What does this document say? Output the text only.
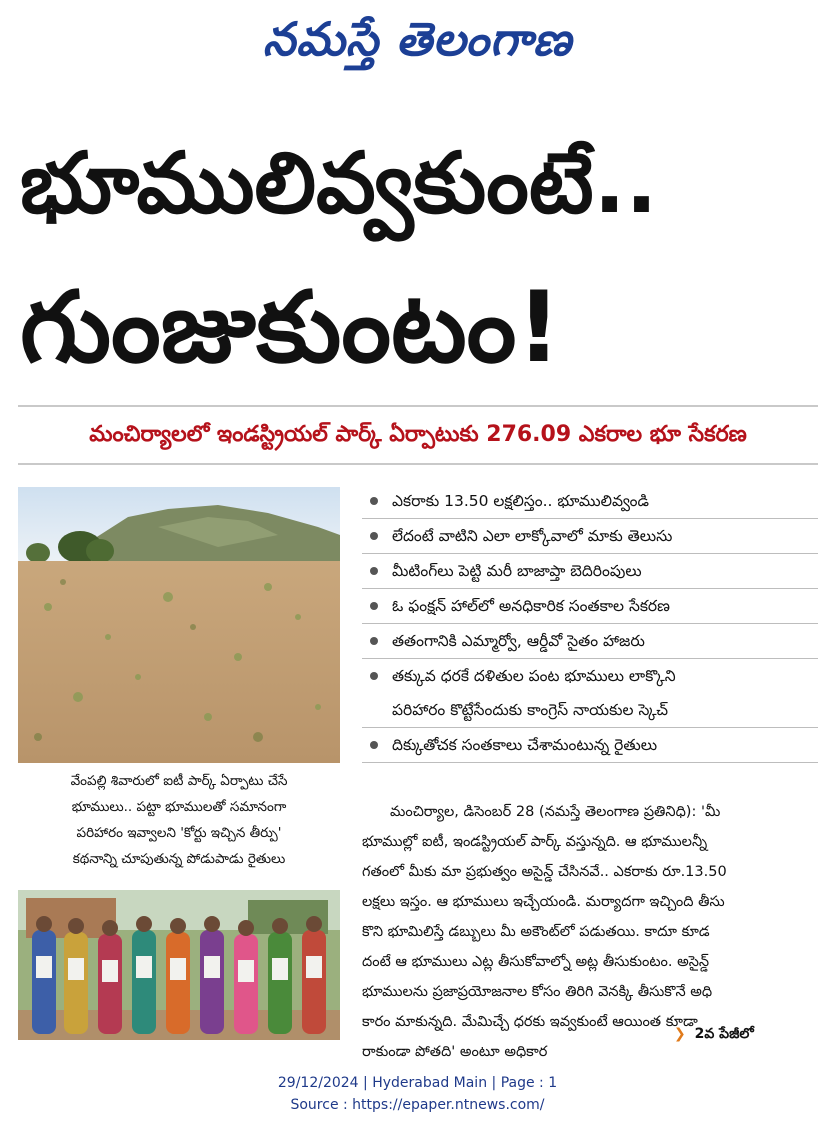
నమస్తే తెలంగాణ
భూములివ్వకుంటే..
గుంజుకుంటం!
మంచిర్యాలలో ఇండస్ట్రియల్ పార్క్ ఏర్పాటుకు 276.09 ఎకరాల భూ సేకరణ
వేంపల్లి శివారులో ఐటీ పార్క్ ఏర్పాటు చేసే
భూములు.. పట్టా భూములతో సమానంగా
పరిహారం ఇవ్వాలని 'కోర్టు ఇచ్చిన తీర్పు'
కథనాన్ని చూపుతున్న పోడుపాడు రైతులు
ఎకరాకు 13.50 లక్షలిస్తం.. భూములివ్వండి
లేదంటే వాటిని ఎలా లాక్కోవాలో మాకు తెలుసు
మీటింగ్‌లు పెట్టి మరీ బాజాప్తా బెదిరింపులు
ఓ ఫంక్షన్ హాల్‌లో అనధికారిక సంతకాల సేకరణ
తతంగానికి ఎమ్మార్వో, ఆర్డీవో సైతం హాజరు
తక్కువ ధరకే దళితుల పంట భూములు లాక్కొని
పరిహారం కొట్టేసేందుకు కాంగ్రెస్ నాయకుల స్కెచ్
దిక్కుతోచక సంతకాలు చేశామంటున్న రైతులు
మంచిర్యాల, డిసెంబర్ 28 (నమస్తే తెలంగాణ ప్రతినిధి): 'మీ
భూముల్లో ఐటీ, ఇండస్ట్రియల్ పార్క్ వస్తున్నది. ఆ భూములన్నీ
గతంలో మీకు మా ప్రభుత్వం అసైన్డ్ చేసినవే.. ఎకరాకు రూ.13.50
లక్షలు ఇస్తం. ఆ భూములు ఇచ్చేయండి. మర్యాదగా ఇచ్చింది తీసు
కొని భూమిలిస్తే డబ్బులు మీ అకౌంట్‌లో పడుతయి. కాదూ కూడ
దంటే ఆ భూములు ఎట్ల తీసుకోవాల్నో అట్ల తీసుకుంటం. అసైన్డ్
భూములను ప్రజాప్రయోజనాల కోసం తిరిగి వెనక్కి తీసుకొనే అధి
కారం మాకున్నది. మేమిచ్చే ధరకు ఇవ్వకుంటే ఆయింత కూడా
రాకుండా పోతది' అంటూ అధికార
❯ 2వ పేజీలో
29/12/2024 | Hyderabad Main | Page : 1
Source : https://epaper.ntnews.com/
